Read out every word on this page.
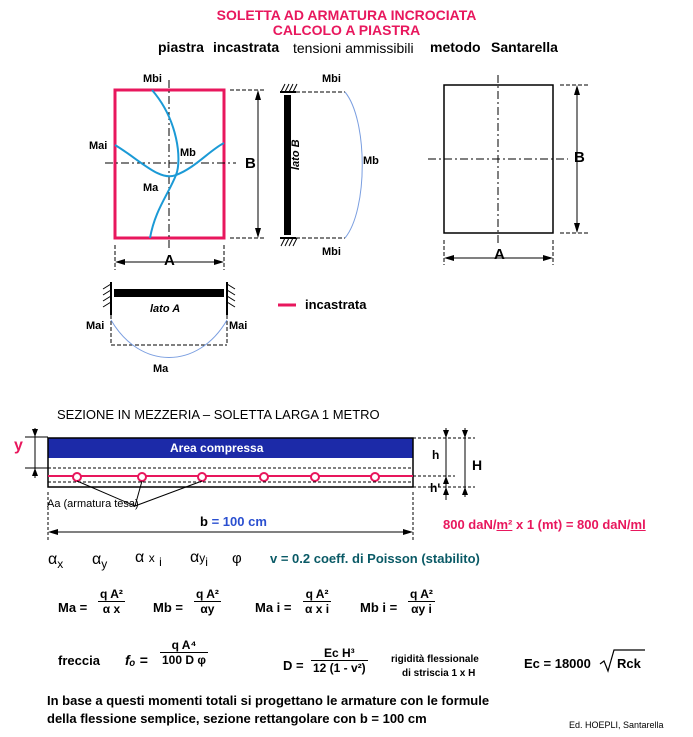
SOLETTA AD ARMATURA INCROCIATA
CALCOLO A PIASTRA
piastra incastrata tensioni ammissibili metodo Santarella
Mbi
Mai
Mb
Ma
B
A
Mbi
Mbi
Mb
lato B
lato A
Mai	Mai
Ma
B
A
incastrata
SEZIONE IN MEZZERIA – SOLETTA LARGA 1 METRO
y	Area compressa	h
H
h'
Aa (armatura tesa)
b = 100 cm	800 daN/m² x 1 (mt) = 800 daN/ml
$\alpha_x$ $\alpha_y$ α x $_i$ $\alpha y_i$ φ v = 0.2 coeff. di Poisson (stabilito)
$Ma = \frac{\text{q A²}}{\text{α x}}$ $Mb = \frac{\text{q A²}}{\alpha y}$	Ma $i = \frac{\text{q A²}}{\text{α x i}}$ Mb $i = \frac{\text{q A²}}{\text{αy i}}$
freccia $f_o = \frac{\text{q A⁴}}{\text{100 D φ}}$	$D = \frac{\text{Ec H³}}{\text{12 (1 - v²)}}$ rigidità flessionale
di striscia 1 x H
Ec = 18000 Rck
In base a questi momenti totali si progettano le armature con le formule
della flessione semplice, sezione rettangolare con b = 100 cm	Ed. HOEPLI, Santarella
